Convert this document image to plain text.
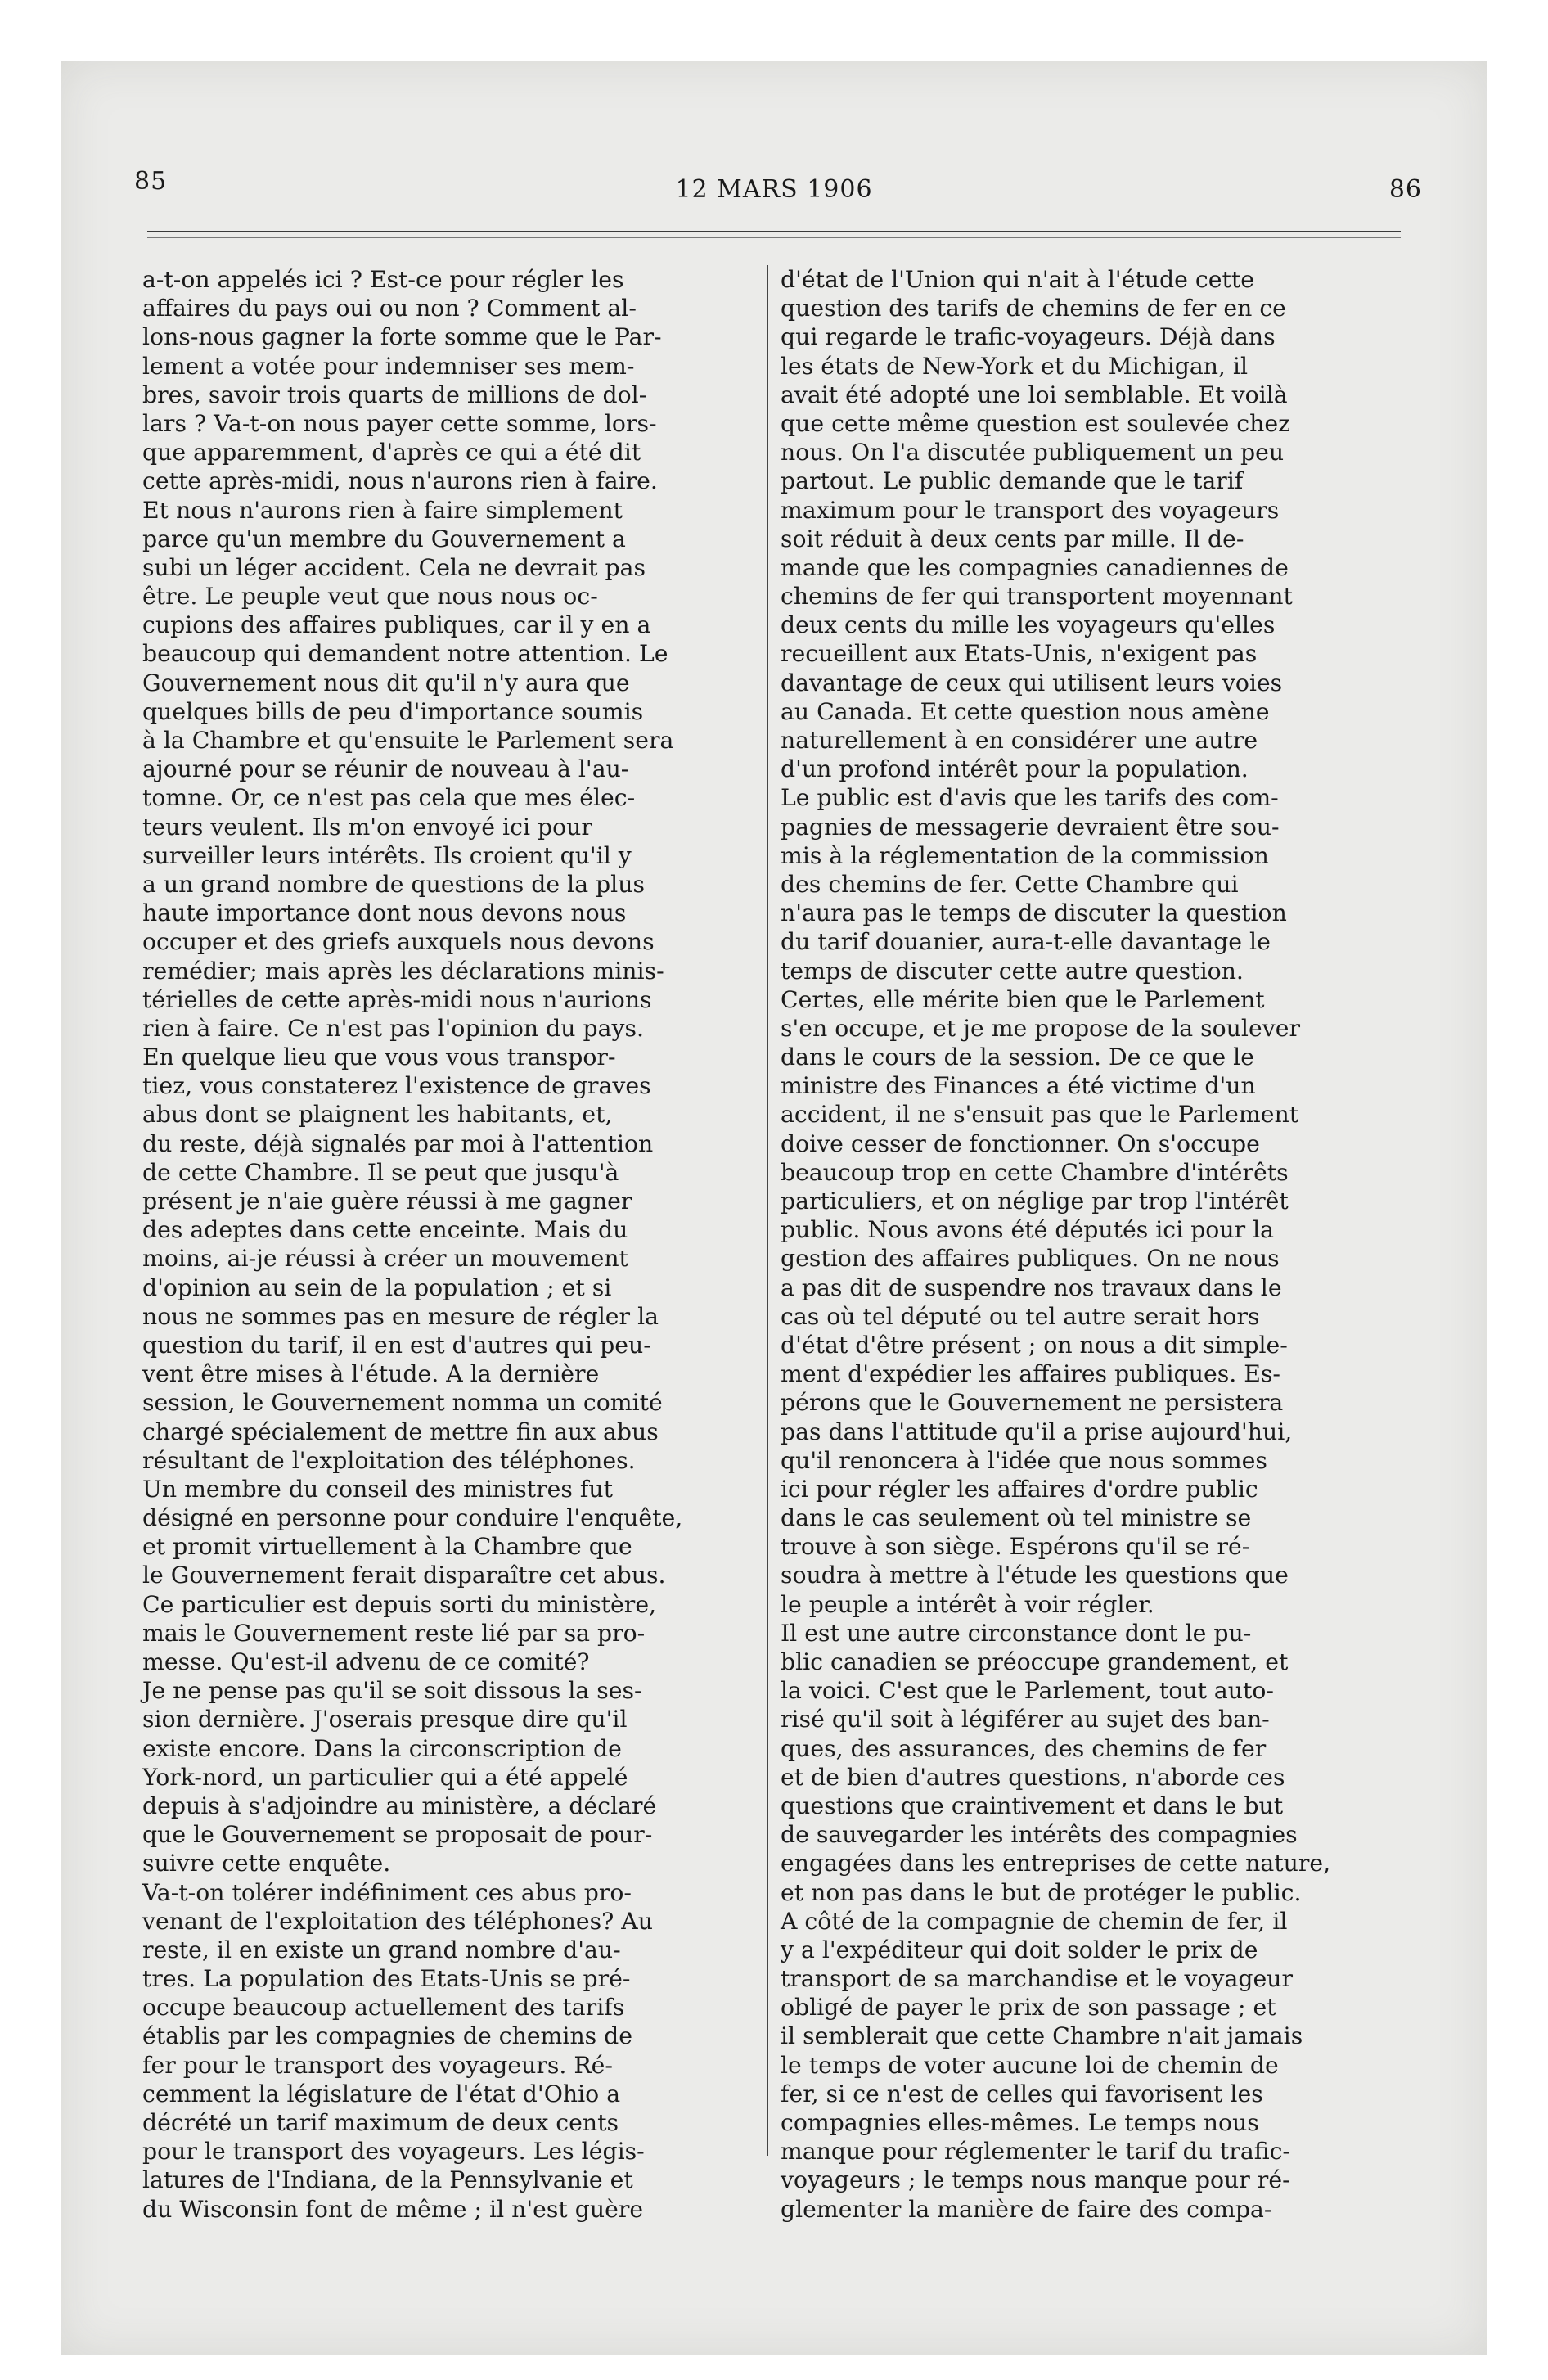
85	12 MARS 1906	86
a-t-on appelés ici ? Est-ce pour régler les
affaires du pays oui ou non ? Comment al-
lons-nous gagner la forte somme que le Par-
lement a votée pour indemniser ses mem-
bres, savoir trois quarts de millions de dol-
lars ? Va-t-on nous payer cette somme, lors-
que apparemment, d'après ce qui a été dit
cette après-midi, nous n'aurons rien à faire.
Et nous n'aurons rien à faire simplement
parce qu'un membre du Gouvernement a
subi un léger accident. Cela ne devrait pas
être. Le peuple veut que nous nous oc-
cupions des affaires publiques, car il y en a
beaucoup qui demandent notre attention. Le
Gouvernement nous dit qu'il n'y aura que
quelques bills de peu d'importance soumis
à la Chambre et qu'ensuite le Parlement sera
ajourné pour se réunir de nouveau à l'au-
tomne. Or, ce n'est pas cela que mes élec-
teurs veulent. Ils m'on envoyé ici pour
surveiller leurs intérêts. Ils croient qu'il y
a un grand nombre de questions de la plus
haute importance dont nous devons nous
occuper et des griefs auxquels nous devons
remédier; mais après les déclarations minis-
térielles de cette après-midi nous n'aurions
rien à faire. Ce n'est pas l'opinion du pays.
En quelque lieu que vous vous transpor-
tiez, vous constaterez l'existence de graves
abus dont se plaignent les habitants, et,
du reste, déjà signalés par moi à l'attention
de cette Chambre. Il se peut que jusqu'à
présent je n'aie guère réussi à me gagner
des adeptes dans cette enceinte. Mais du
moins, ai-je réussi à créer un mouvement
d'opinion au sein de la population ; et si
nous ne sommes pas en mesure de régler la
question du tarif, il en est d'autres qui peu-
vent être mises à l'étude. A la dernière
session, le Gouvernement nomma un comité
chargé spécialement de mettre fin aux abus
résultant de l'exploitation des téléphones.
Un membre du conseil des ministres fut
désigné en personne pour conduire l'enquête,
et promit virtuellement à la Chambre que
le Gouvernement ferait disparaître cet abus.
Ce particulier est depuis sorti du ministère,
mais le Gouvernement reste lié par sa pro-
messe. Qu'est-il advenu de ce comité?
Je ne pense pas qu'il se soit dissous la ses-
sion dernière. J'oserais presque dire qu'il
existe encore. Dans la circonscription de
York-nord, un particulier qui a été appelé
depuis à s'adjoindre au ministère, a déclaré
que le Gouvernement se proposait de pour-
suivre cette enquête.
Va-t-on tolérer indéfiniment ces abus pro-
venant de l'exploitation des téléphones? Au
reste, il en existe un grand nombre d'au-
tres. La population des Etats-Unis se pré-
occupe beaucoup actuellement des tarifs
établis par les compagnies de chemins de
fer pour le transport des voyageurs. Ré-
cemment la législature de l'état d'Ohio a
décrété un tarif maximum de deux cents
pour le transport des voyageurs. Les légis-
latures de l'Indiana, de la Pennsylvanie et
du Wisconsin font de même ; il n'est guère
d'état de l'Union qui n'ait à l'étude cette
question des tarifs de chemins de fer en ce
qui regarde le trafic-voyageurs. Déjà dans
les états de New-York et du Michigan, il
avait été adopté une loi semblable. Et voilà
que cette même question est soulevée chez
nous. On l'a discutée publiquement un peu
partout. Le public demande que le tarif
maximum pour le transport des voyageurs
soit réduit à deux cents par mille. Il de-
mande que les compagnies canadiennes de
chemins de fer qui transportent moyennant
deux cents du mille les voyageurs qu'elles
recueillent aux Etats-Unis, n'exigent pas
davantage de ceux qui utilisent leurs voies
au Canada. Et cette question nous amène
naturellement à en considérer une autre
d'un profond intérêt pour la population.
Le public est d'avis que les tarifs des com-
pagnies de messagerie devraient être sou-
mis à la réglementation de la commission
des chemins de fer. Cette Chambre qui
n'aura pas le temps de discuter la question
du tarif douanier, aura-t-elle davantage le
temps de discuter cette autre question.
Certes, elle mérite bien que le Parlement
s'en occupe, et je me propose de la soulever
dans le cours de la session. De ce que le
ministre des Finances a été victime d'un
accident, il ne s'ensuit pas que le Parlement
doive cesser de fonctionner. On s'occupe
beaucoup trop en cette Chambre d'intérêts
particuliers, et on néglige par trop l'intérêt
public. Nous avons été députés ici pour la
gestion des affaires publiques. On ne nous
a pas dit de suspendre nos travaux dans le
cas où tel député ou tel autre serait hors
d'état d'être présent ; on nous a dit simple-
ment d'expédier les affaires publiques. Es-
pérons que le Gouvernement ne persistera
pas dans l'attitude qu'il a prise aujourd'hui,
qu'il renoncera à l'idée que nous sommes
ici pour régler les affaires d'ordre public
dans le cas seulement où tel ministre se
trouve à son siège. Espérons qu'il se ré-
soudra à mettre à l'étude les questions que
le peuple a intérêt à voir régler.
Il est une autre circonstance dont le pu-
blic canadien se préoccupe grandement, et
la voici. C'est que le Parlement, tout auto-
risé qu'il soit à légiférer au sujet des ban-
ques, des assurances, des chemins de fer
et de bien d'autres questions, n'aborde ces
questions que craintivement et dans le but
de sauvegarder les intérêts des compagnies
engagées dans les entreprises de cette nature,
et non pas dans le but de protéger le public.
A côté de la compagnie de chemin de fer, il
y a l'expéditeur qui doit solder le prix de
transport de sa marchandise et le voyageur
obligé de payer le prix de son passage ; et
il semblerait que cette Chambre n'ait jamais
le temps de voter aucune loi de chemin de
fer, si ce n'est de celles qui favorisent les
compagnies elles-mêmes. Le temps nous
manque pour réglementer le tarif du trafic-
voyageurs ; le temps nous manque pour ré-
glementer la manière de faire des compa-
